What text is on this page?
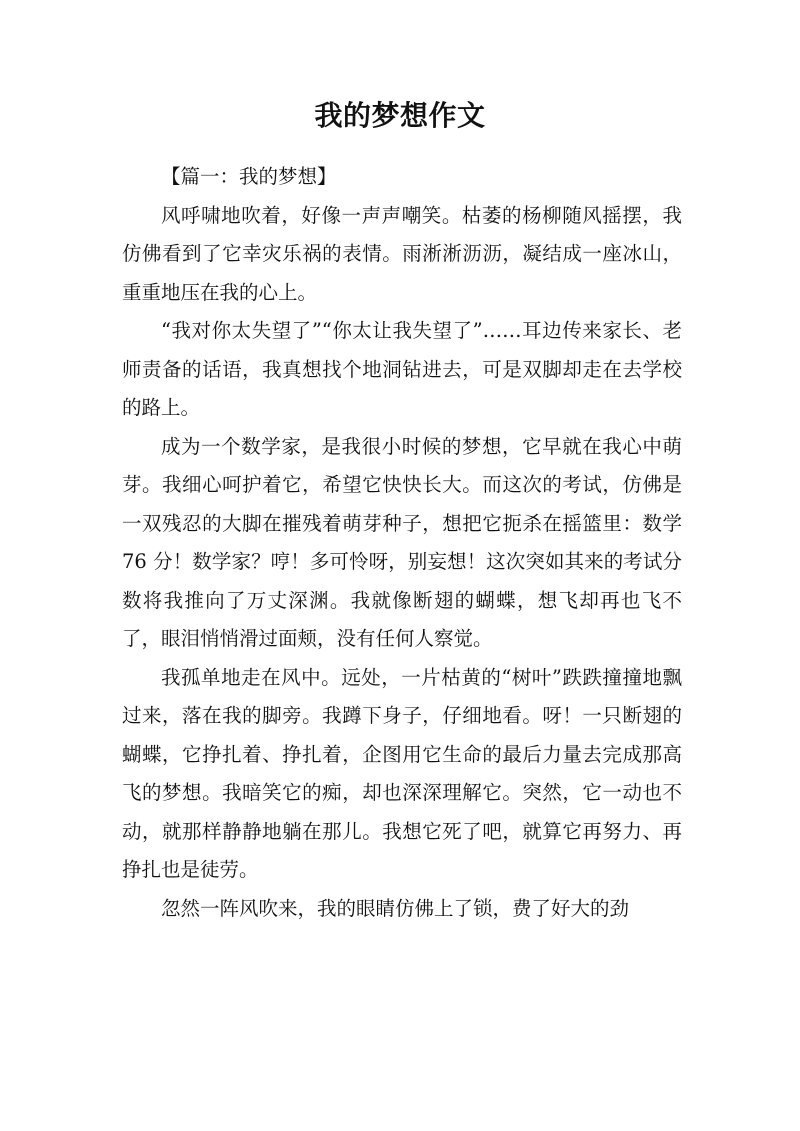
我的梦想作文

【篇一：我的梦想】

风呼啸地吹着，好像一声声嘲笑。枯萎的杨柳随风摇摆，我仿佛看到了它幸灾乐祸的表情。雨淅淅沥沥，凝结成一座冰山，重重地压在我的心上。

“我对你太失望了”“你太让我失望了”……耳边传来家长、老师责备的话语，我真想找个地洞钻进去，可是双脚却走在去学校的路上。

成为一个数学家，是我很小时候的梦想，它早就在我心中萌芽。我细心呵护着它，希望它快快长大。而这次的考试，仿佛是一双残忍的大脚在摧残着萌芽种子，想把它扼杀在摇篮里：数学 76 分！数学家？哼！多可怜呀，别妄想！这次突如其来的考试分数将我推向了万丈深渊。我就像断翅的蝴蝶，想飞却再也飞不了，眼泪悄悄滑过面颊，没有任何人察觉。

我孤单地走在风中。远处，一片枯黄的“树叶”跌跌撞撞地飘过来，落在我的脚旁。我蹲下身子，仔细地看。呀！一只断翅的蝴蝶，它挣扎着、挣扎着，企图用它生命的最后力量去完成那高飞的梦想。我暗笑它的痴，却也深深理解它。突然，它一动也不动，就那样静静地躺在那儿。我想它死了吧，就算它再努力、再挣扎也是徒劳。

忽然一阵风吹来，我的眼睛仿佛上了锁，费了好大的劲
